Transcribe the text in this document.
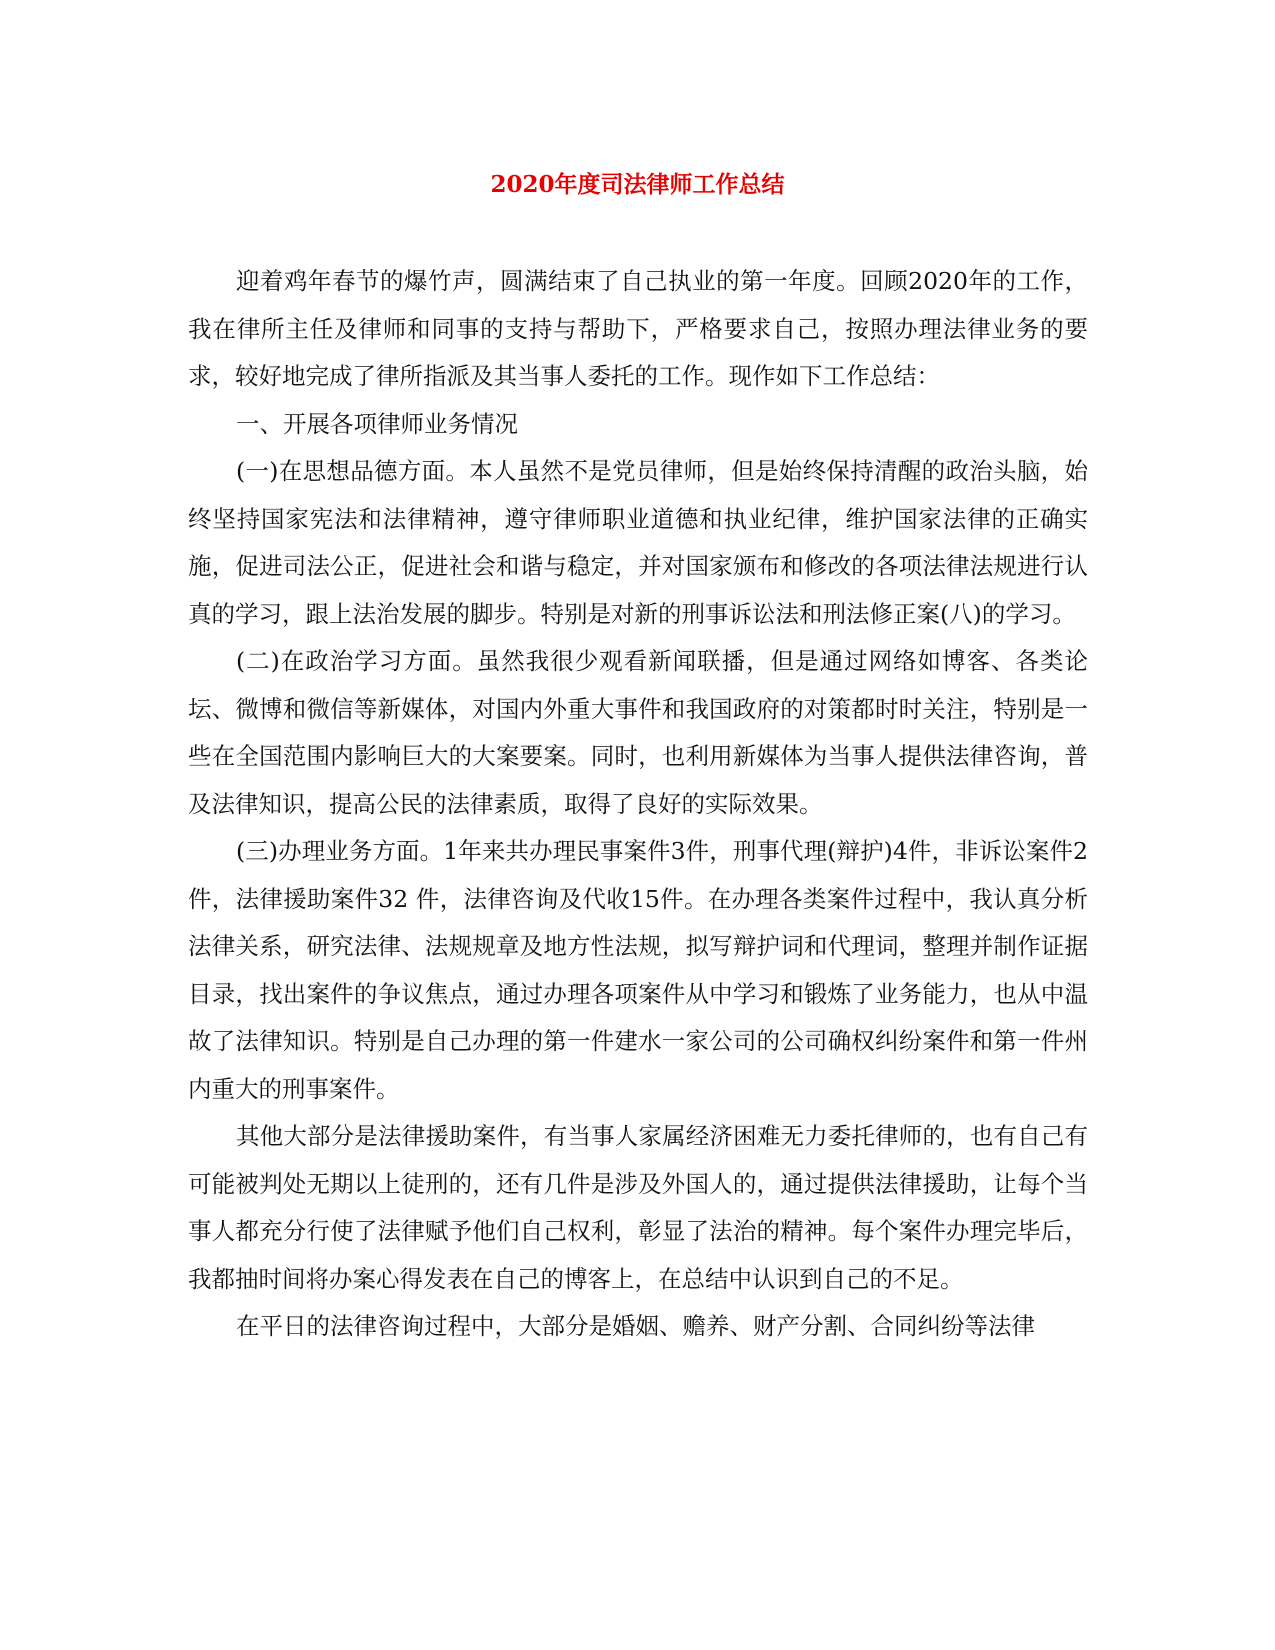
2020年度司法律师工作总结

迎着鸡年春节的爆竹声，圆满结束了自己执业的第一年度。回顾2020年的工作，我在律所主任及律师和同事的支持与帮助下，严格要求自己，按照办理法律业务的要求，较好地完成了律所指派及其当事人委托的工作。现作如下工作总结：

一、开展各项律师业务情况

(一)在思想品德方面。本人虽然不是党员律师，但是始终保持清醒的政治头脑，始终坚持国家宪法和法律精神，遵守律师职业道德和执业纪律，维护国家法律的正确实施，促进司法公正，促进社会和谐与稳定，并对国家颁布和修改的各项法律法规进行认真的学习，跟上法治发展的脚步。特别是对新的刑事诉讼法和刑法修正案(八)的学习。

(二)在政治学习方面。虽然我很少观看新闻联播，但是通过网络如博客、各类论坛、微博和微信等新媒体，对国内外重大事件和我国政府的对策都时时关注，特别是一些在全国范围内影响巨大的大案要案。同时，也利用新媒体为当事人提供法律咨询，普及法律知识，提高公民的法律素质，取得了良好的实际效果。

(三)办理业务方面。1年来共办理民事案件3件，刑事代理(辩护)4件，非诉讼案件2 件，法律援助案件32 件，法律咨询及代收15件。在办理各类案件过程中，我认真分析法律关系，研究法律、法规规章及地方性法规，拟写辩护词和代理词，整理并制作证据目录，找出案件的争议焦点，通过办理各项案件从中学习和锻炼了业务能力，也从中温故了法律知识。特别是自己办理的第一件建水一家公司的公司确权纠纷案件和第一件州内重大的刑事案件。

其他大部分是法律援助案件，有当事人家属经济困难无力委托律师的，也有自己有可能被判处无期以上徒刑的，还有几件是涉及外国人的，通过提供法律援助，让每个当事人都充分行使了法律赋予他们自己权利，彰显了法治的精神。每个案件办理完毕后，我都抽时间将办案心得发表在自己的博客上，在总结中认识到自己的不足。

在平日的法律咨询过程中，大部分是婚姻、赡养、财产分割、合同纠纷等法律
